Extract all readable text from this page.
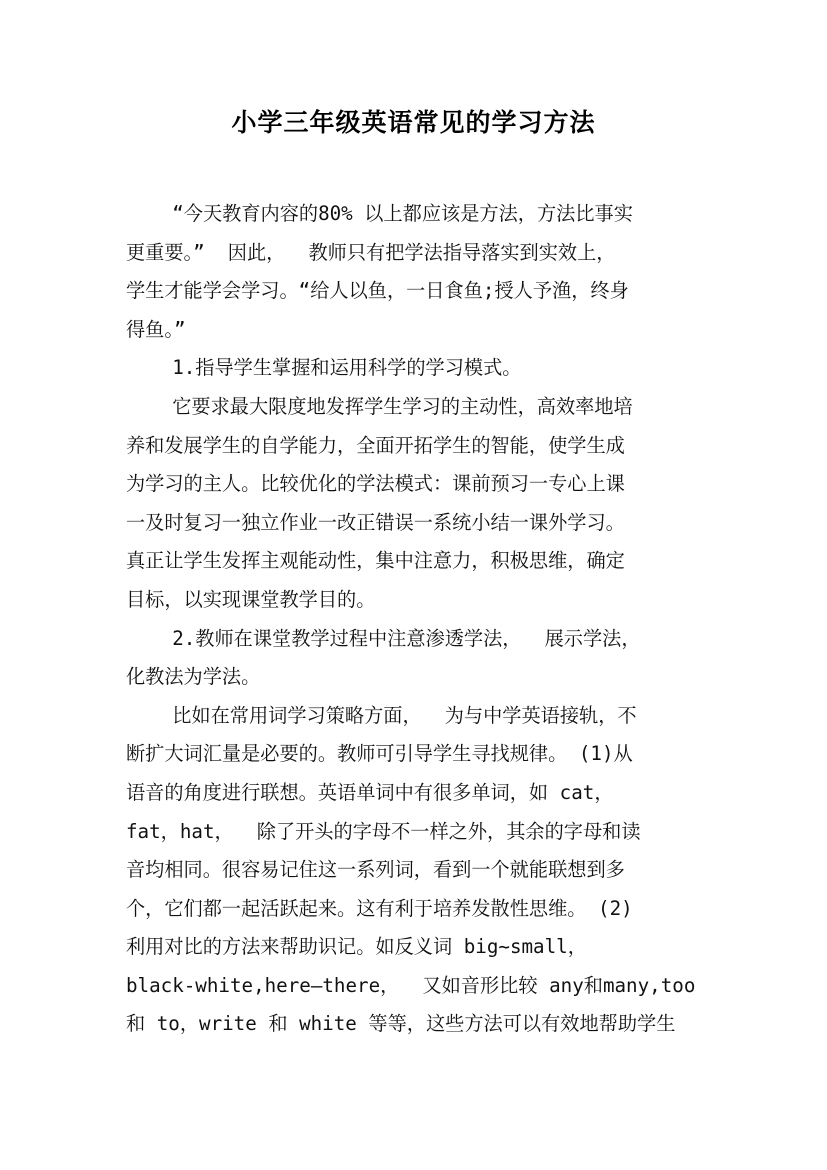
小学三年级英语常见的学习方法
“今天教育内容的80% 以上都应该是方法，方法比事实
更重要。”  因此，  教师只有把学法指导落实到实效上，
学生才能学会学习。“给人以鱼，一日食鱼;授人予渔，终身
得鱼。”
1.指导学生掌握和运用科学的学习模式。
它要求最大限度地发挥学生学习的主动性，高效率地培
养和发展学生的自学能力，全面开拓学生的智能，使学生成
为学习的主人。比较优化的学法模式：课前预习一专心上课
一及时复习一独立作业一改正错误一系统小结一课外学习。
真正让学生发挥主观能动性，集中注意力，积极思维，确定
目标，以实现课堂教学目的。
2.教师在课堂教学过程中注意渗透学法，  展示学法，
化教法为学法。
比如在常用词学习策略方面，  为与中学英语接轨，不
断扩大词汇量是必要的。教师可引导学生寻找规律。 (1)从
语音的角度进行联想。英语单词中有很多单词，如 cat，
fat，hat，  除了开头的字母不一样之外，其余的字母和读
音均相同。很容易记住这一系列词，看到一个就能联想到多
个，它们都一起活跃起来。这有利于培养发散性思维。 (2)
利用对比的方法来帮助识记。如反义词 big~small，
black-white,here—there，  又如音形比较 any和many,too
和 to，write 和 white 等等，这些方法可以有效地帮助学生
